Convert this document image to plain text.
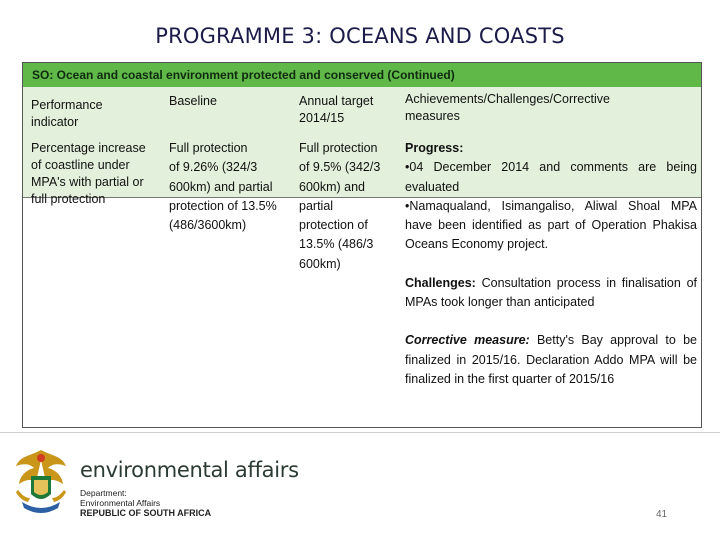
PROGRAMME 3: OCEANS AND COASTS
SO: Ocean and coastal environment protected and conserved (Continued)
Performance
indicator
Baseline	Annual target
2014/15
Achievements/Challenges/Corrective
measures
Percentage increase
of coastline under
MPA's with partial or
full protection
Full protection
of 9.26% (324/3
600km) and partial
protection of 13.5%
(486/3600km)
Full protection
of 9.5% (342/3
600km) and
partial
protection of
13.5% (486/3
600km)
Progress:
•04 December 2014 and comments are being evaluated
•Namaqualand, Isimangaliso, Aliwal Shoal MPA have been identified as part of Operation Phakisa Oceans Economy project.
Challenges: Consultation process in finalisation of MPAs took longer than anticipated
Corrective measure: Betty's Bay approval to be finalized in 2015/16. Declaration Addo MPA will be finalized in the first quarter of 2015/16
environmental affairs
Department:
Environmental Affairs
REPUBLIC OF SOUTH AFRICA	41
